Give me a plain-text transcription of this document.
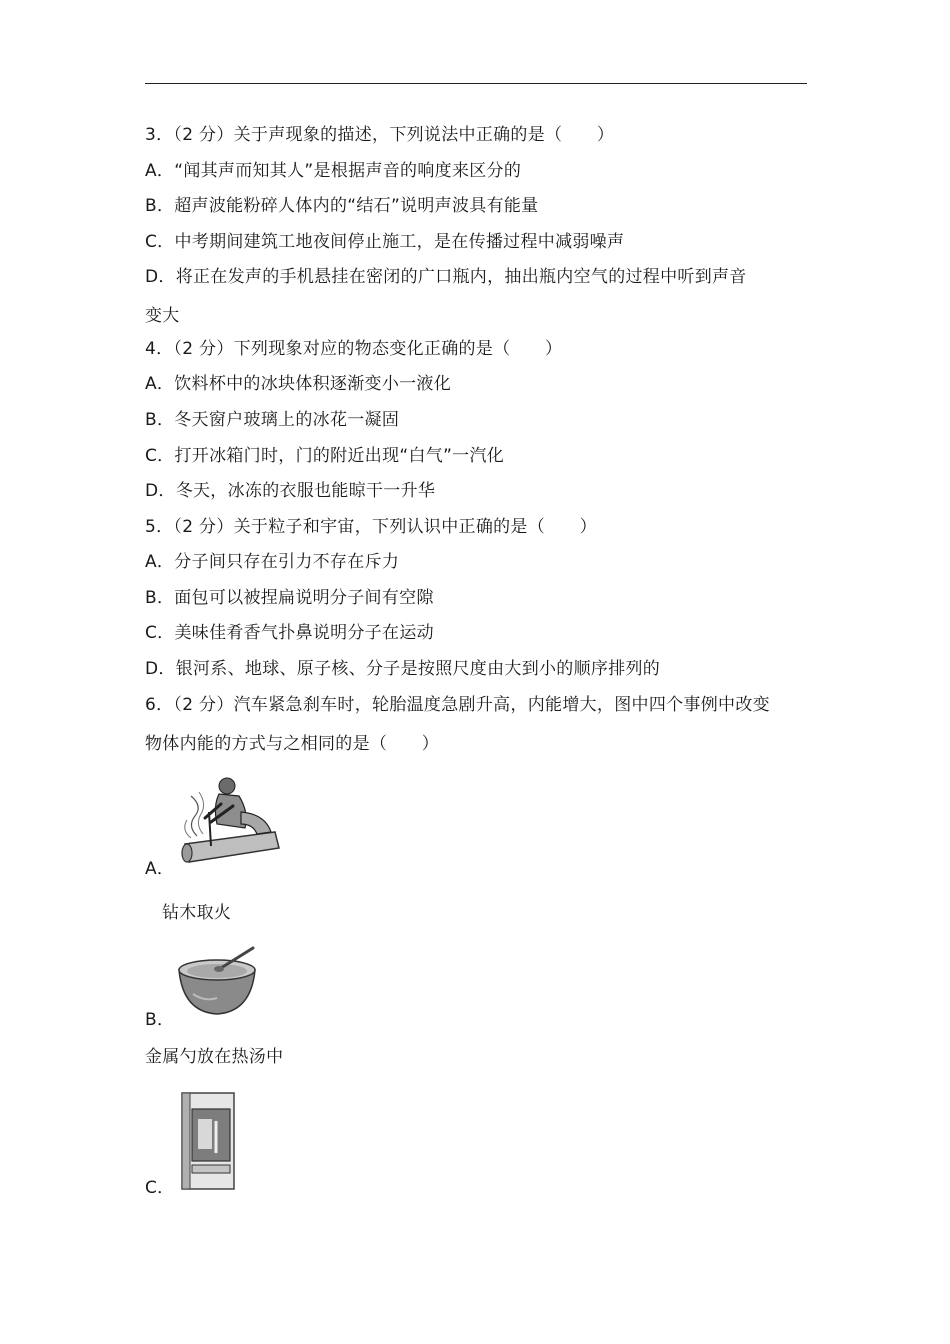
3．（2 分）关于声现象的描述，下列说法中正确的是（　　）
A．“闻其声而知其人”是根据声音的响度来区分的
B．超声波能粉碎人体内的“结石”说明声波具有能量
C．中考期间建筑工地夜间停止施工，是在传播过程中减弱噪声
D．将正在发声的手机悬挂在密闭的广口瓶内，抽出瓶内空气的过程中听到声音
变大
4．（2 分）下列现象对应的物态变化正确的是（　　）
A．饮料杯中的冰块体积逐渐变小一液化
B．冬天窗户玻璃上的冰花一凝固
C．打开冰箱门时，门的附近出现“白气”一汽化
D．冬天，冰冻的衣服也能晾干一升华
5．（2 分）关于粒子和宇宙，下列认识中正确的是（　　）
A．分子间只存在引力不存在斥力
B．面包可以被捏扁说明分子间有空隙
C．美味佳肴香气扑鼻说明分子在运动
D．银河系、地球、原子核、分子是按照尺度由大到小的顺序排列的
6．（2 分）汽车紧急刹车时，轮胎温度急剧升高，内能增大，图中四个事例中改变
物体内能的方式与之相同的是（　　）
A．
钻木取火
B．
金属勺放在热汤中
C．
